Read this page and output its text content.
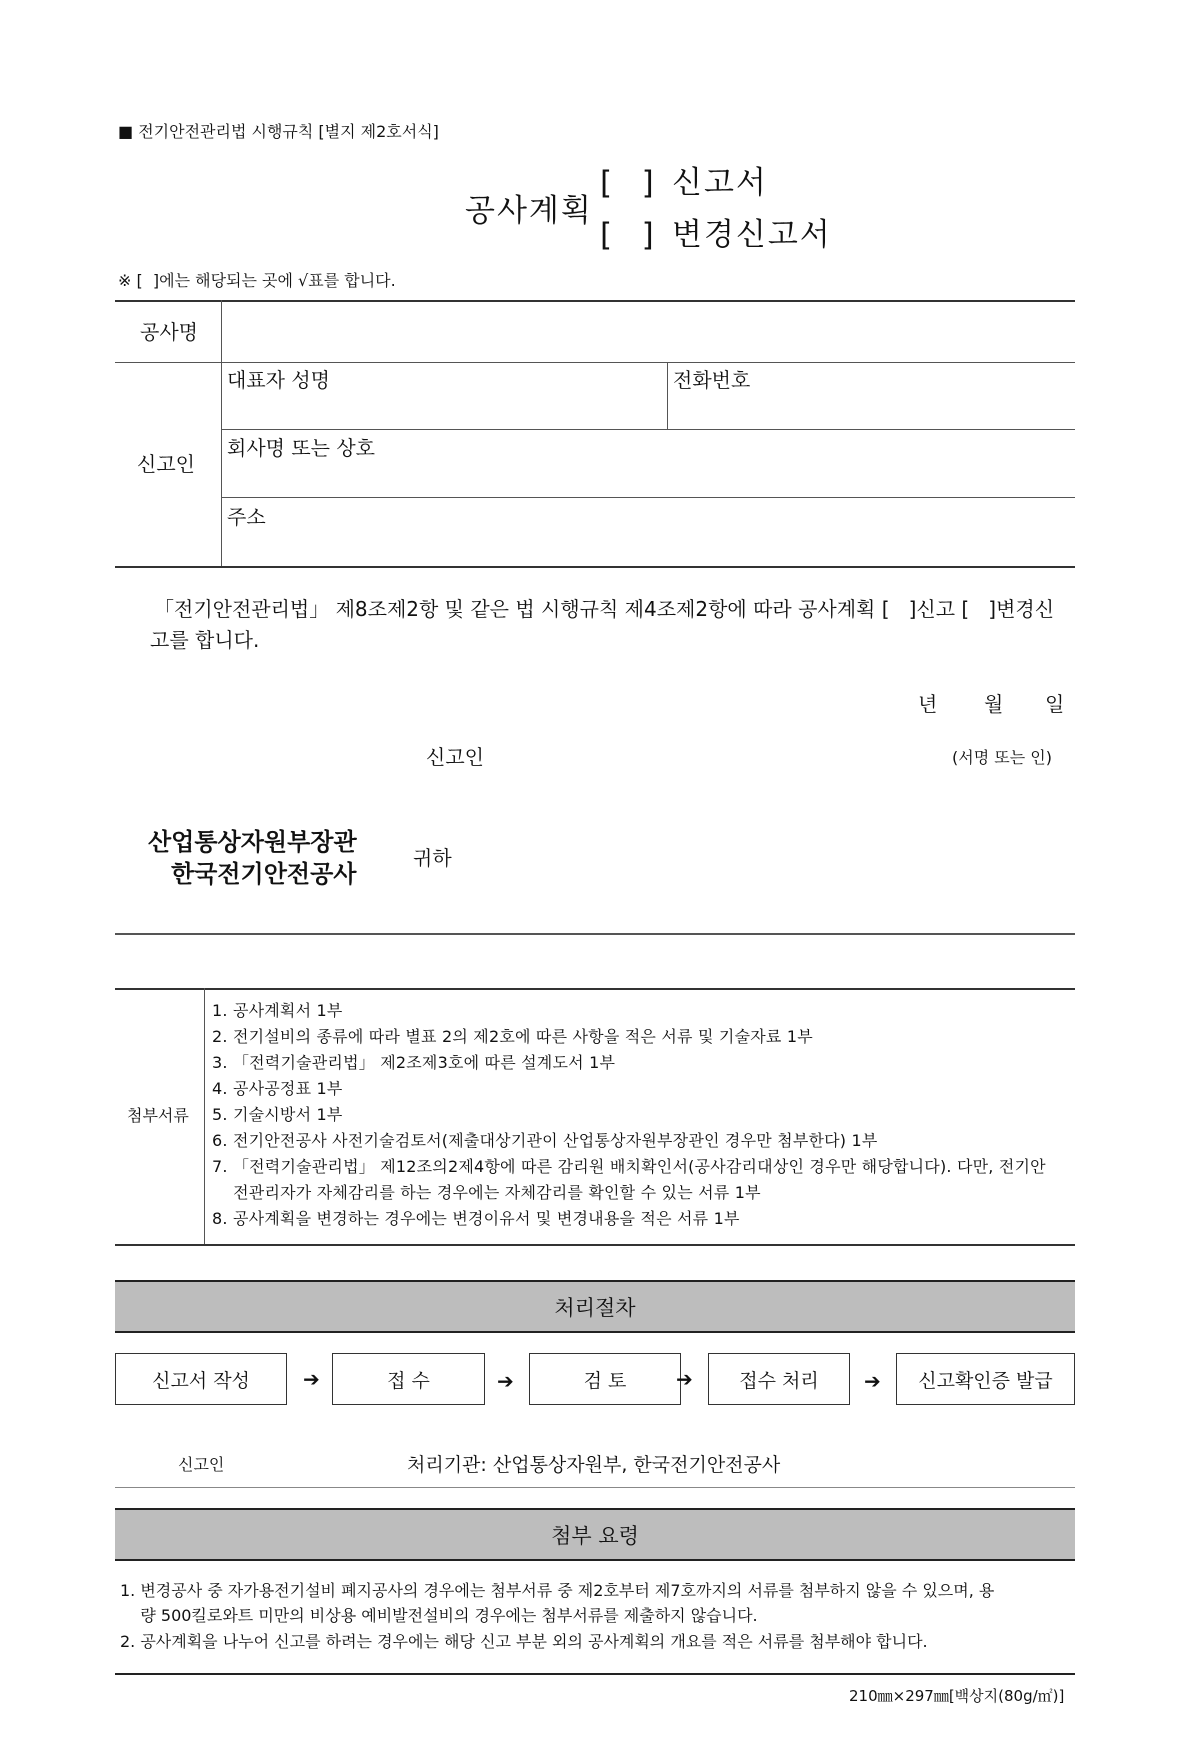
■ 전기안전관리법 시행규칙 [별지 제2호서식]
공사계획
[   ] 신고서
[   ] 변경신고서
※ [  ]에는 해당되는 곳에 √표를 합니다.
공사명
신고인
대표자 성명	전화번호
회사명 또는 상호
주소
「전기안전관리법」 제8조제2항 및 같은 법 시행규칙 제4조제2항에 따라 공사계획 [   ]신고 [   ]변경신
고를 합니다.
년 월 일
신고인	(서명 또는 인)
산업통상자원부장관
한국전기안전공사
귀하
첨부서류
1. 공사계획서 1부
2. 전기설비의 종류에 따라 별표 2의 제2호에 따른 사항을 적은 서류 및 기술자료 1부
3. 「전력기술관리법」 제2조제3호에 따른 설계도서 1부
4. 공사공정표 1부
5. 기술시방서 1부
6. 전기안전공사 사전기술검토서(제출대상기관이 산업통상자원부장관인 경우만 첨부한다) 1부
7. 「전력기술관리법」 제12조의2제4항에 따른 감리원 배치확인서(공사감리대상인 경우만 해당합니다). 다만, 전기안
전관리자가 자체감리를 하는 경우에는 자체감리를 확인할 수 있는 서류 1부
8. 공사계획을 변경하는 경우에는 변경이유서 및 변경내용을 적은 서류 1부
처리절차
신고서 작성	➔	접 수	➔	검 토	➔	접수 처리	➔	신고확인증 발급
신고인	처리기관: 산업통상자원부, 한국전기안전공사
첨부 요령
1. 변경공사 중 자가용전기설비 폐지공사의 경우에는 첨부서류 중 제2호부터 제7호까지의 서류를 첨부하지 않을 수 있으며, 용
량 500킬로와트 미만의 비상용 예비발전설비의 경우에는 첨부서류를 제출하지 않습니다.
2. 공사계획을 나누어 신고를 하려는 경우에는 해당 신고 부분 외의 공사계획의 개요를 적은 서류를 첨부해야 합니다.
210㎜×297㎜[백상지(80g/㎡)]
